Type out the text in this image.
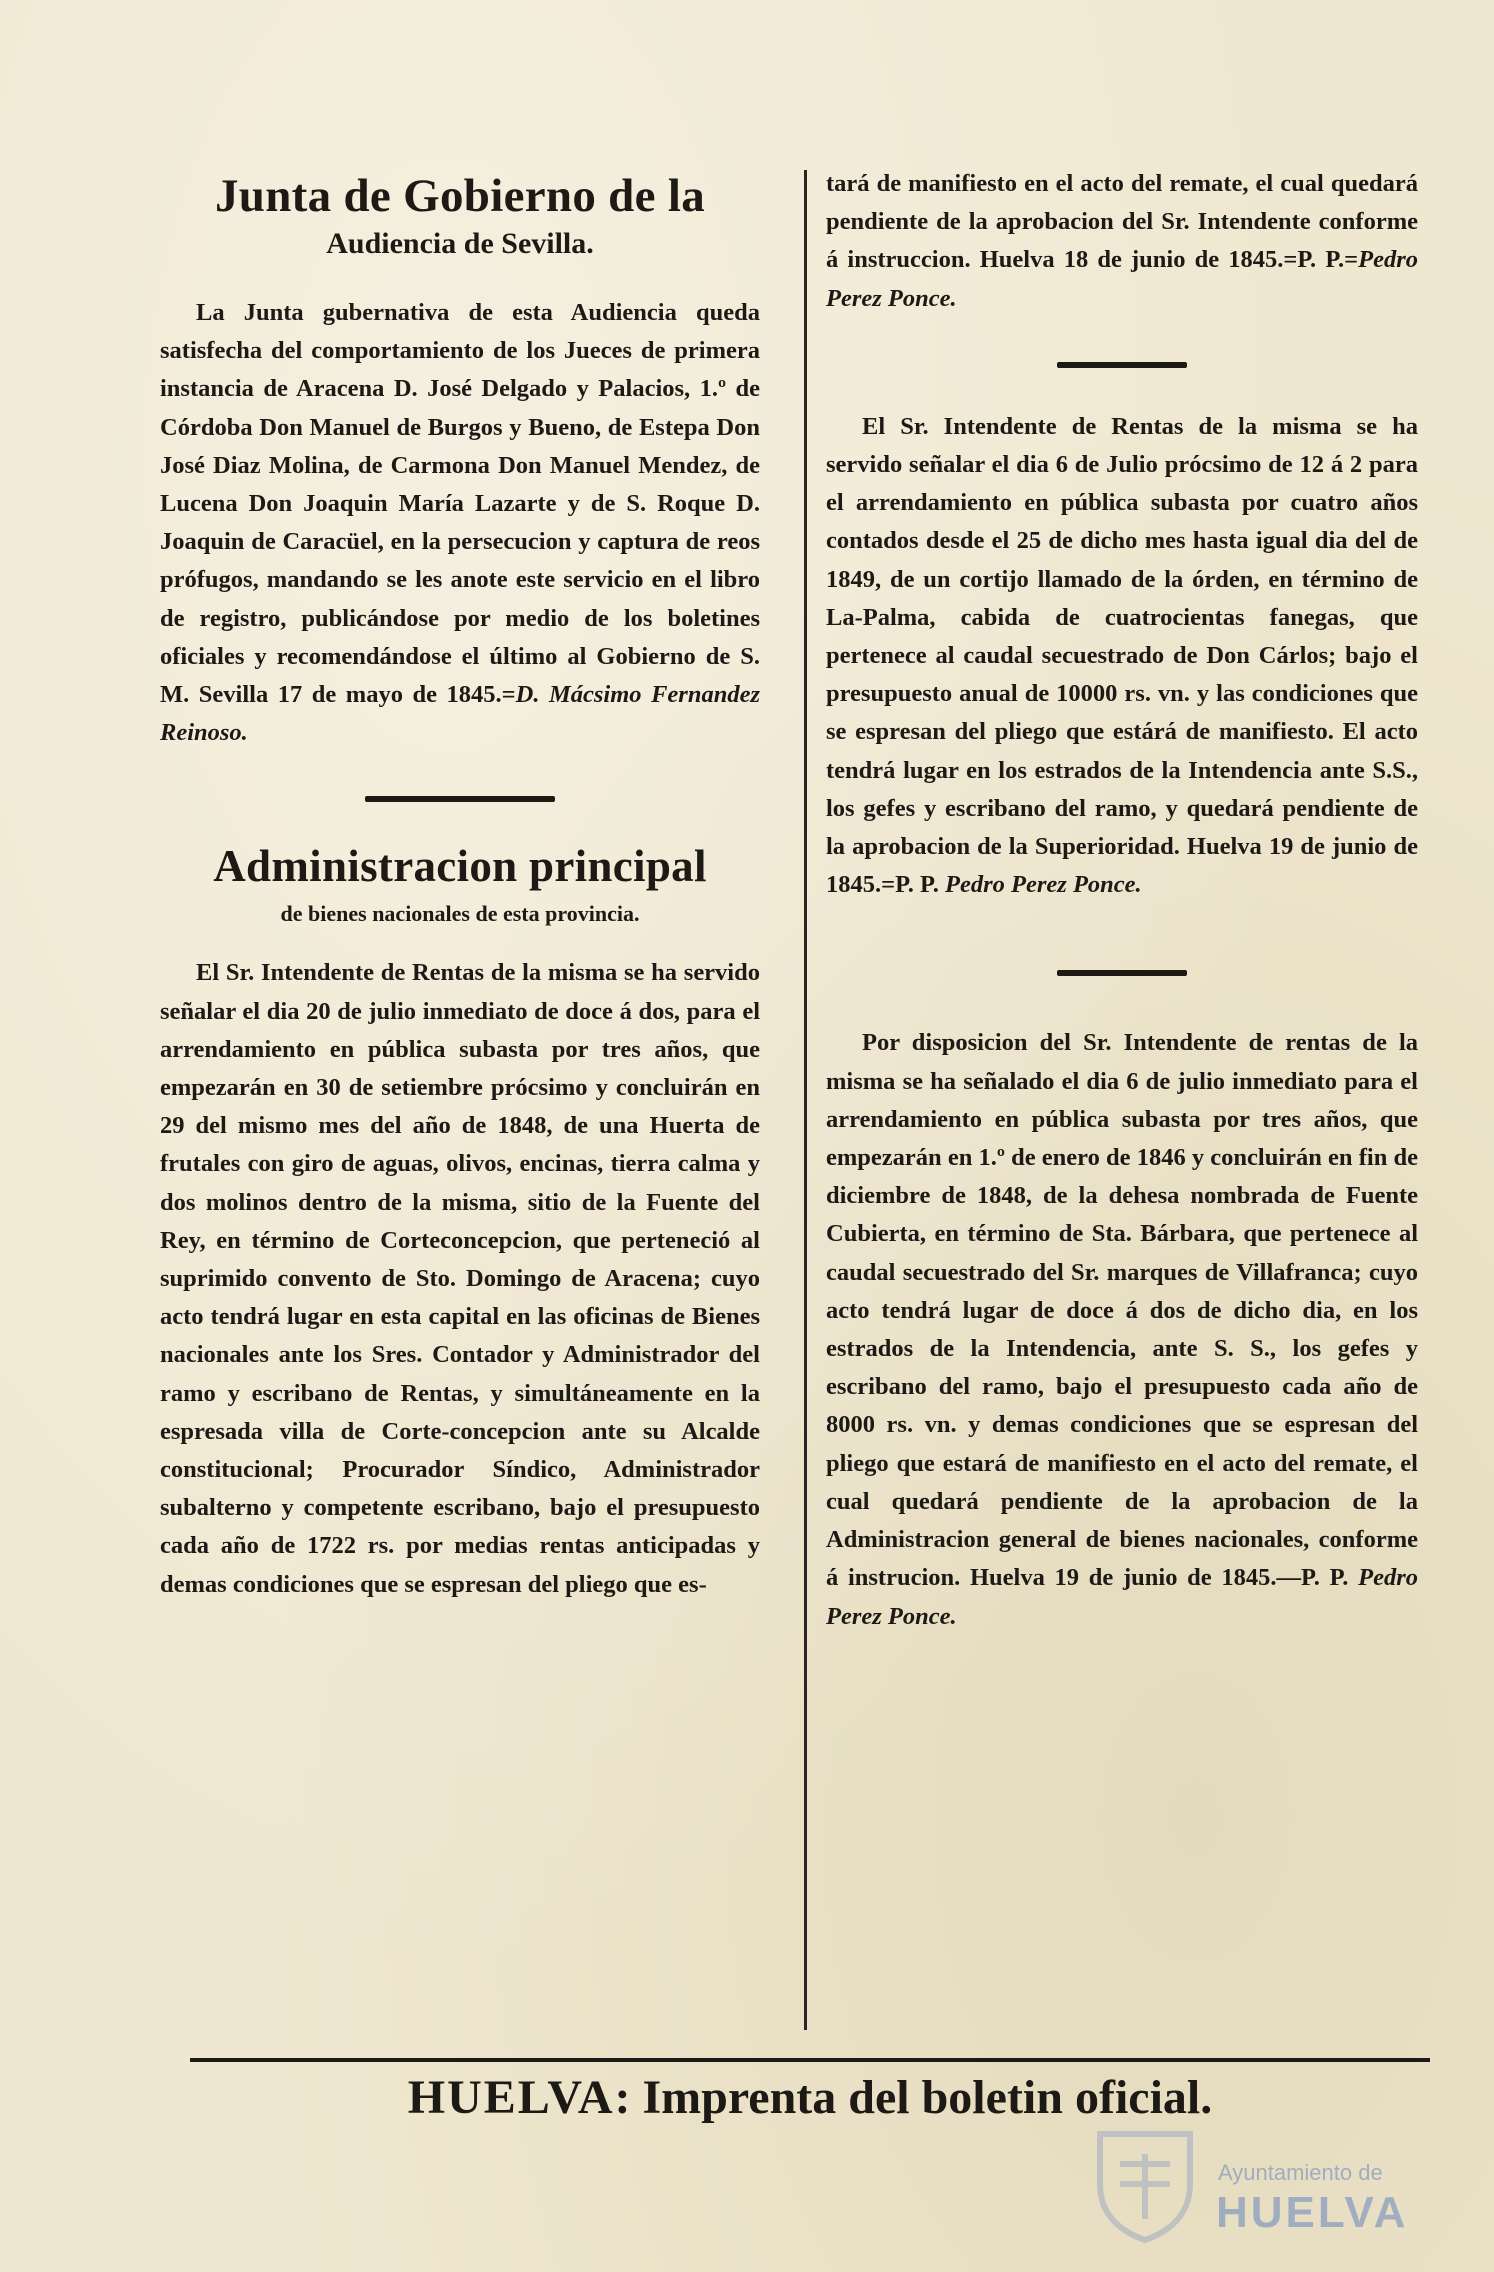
Junta de Gobierno de la
Audiencia de Sevilla.

La Junta gubernativa de esta Audiencia queda satisfecha del comportamiento de los Jueces de primera instancia de Aracena D. José Delgado y Palacios, 1.º de Córdoba Don Manuel de Burgos y Bueno, de Estepa Don José Diaz Molina, de Carmona Don Manuel Mendez, de Lucena Don Joaquin María Lazarte y de S. Roque D. Joaquin de Caracüel, en la persecucion y captura de reos prófugos, mandando se les anote este servicio en el libro de registro, publicándose por medio de los boletines oficiales y recomendándose el último al Gobierno de S. M. Sevilla 17 de mayo de 1845.=D. Mácsimo Fernandez Reinoso.

Administracion principal
de bienes nacionales de esta provincia.

El Sr. Intendente de Rentas de la misma se ha servido señalar el dia 20 de julio inmediato de doce á dos, para el arrendamiento en pública subasta por tres años, que empezarán en 30 de setiembre prócsimo y concluirán en 29 del mismo mes del año de 1848, de una Huerta de frutales con giro de aguas, olivos, encinas, tierra calma y dos molinos dentro de la misma, sitio de la Fuente del Rey, en término de Corteconcepcion, que perteneció al suprimido convento de Sto. Domingo de Aracena; cuyo acto tendrá lugar en esta capital en las oficinas de Bienes nacionales ante los Sres. Contador y Administrador del ramo y escribano de Rentas, y simultáneamente en la espresada villa de Corte-concepcion ante su Alcalde constitucional; Procurador Síndico, Administrador subalterno y competente escribano, bajo el presupuesto cada año de 1722 rs. por medias rentas anticipadas y demas condiciones que se espresan del pliego que es-

tará de manifiesto en el acto del remate, el cual quedará pendiente de la aprobacion del Sr. Intendente conforme á instruccion. Huelva 18 de junio de 1845.=P. P.=Pedro Perez Ponce.

El Sr. Intendente de Rentas de la misma se ha servido señalar el dia 6 de Julio prócsimo de 12 á 2 para el arrendamiento en pública subasta por cuatro años contados desde el 25 de dicho mes hasta igual dia del de 1849, de un cortijo llamado de la órden, en término de La-Palma, cabida de cuatrocientas fanegas, que pertenece al caudal secuestrado de Don Cárlos; bajo el presupuesto anual de 10000 rs. vn. y las condiciones que se espresan del pliego que estárá de manifiesto. El acto tendrá lugar en los estrados de la Intendencia ante S.S., los gefes y escribano del ramo, y quedará pendiente de la aprobacion de la Superioridad. Huelva 19 de junio de 1845.=P. P. Pedro Perez Ponce.

Por disposicion del Sr. Intendente de rentas de la misma se ha señalado el dia 6 de julio inmediato para el arrendamiento en pública subasta por tres años, que empezarán en 1.º de enero de 1846 y concluirán en fin de diciembre de 1848, de la dehesa nombrada de Fuente Cubierta, en término de Sta. Bárbara, que pertenece al caudal secuestrado del Sr. marques de Villafranca; cuyo acto tendrá lugar de doce á dos de dicho dia, en los estrados de la Intendencia, ante S. S., los gefes y escribano del ramo, bajo el presupuesto cada año de 8000 rs. vn. y demas condiciones que se espresan del pliego que estará de manifiesto en el acto del remate, el cual quedará pendiente de la aprobacion de la Administracion general de bienes nacionales, conforme á instrucion. Huelva 19 de junio de 1845.—P. P. Pedro Perez Ponce.

HUELVA: Imprenta del boletin oficial.
Ayuntamiento de
HUELVA
